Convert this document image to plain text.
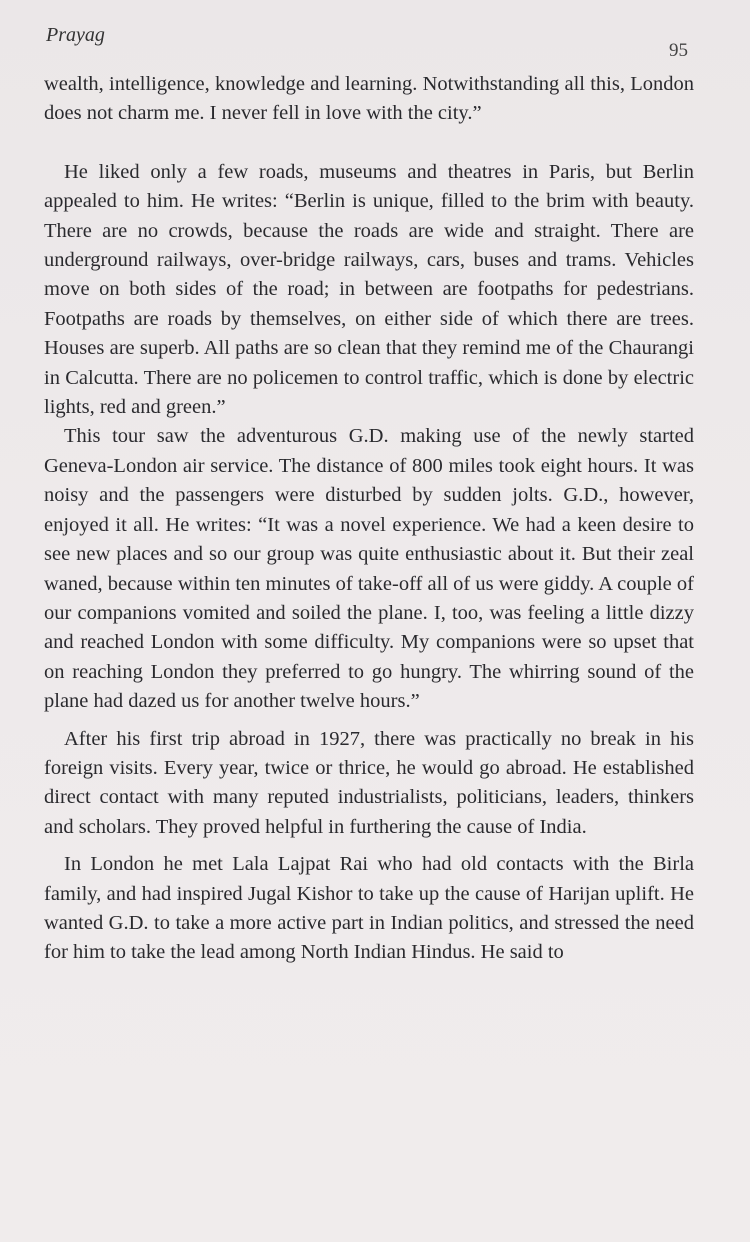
Prayag
95

wealth, intelligence, knowledge and learning. Notwithstanding all this, London does not charm me. I never fell in love with the city.”

He liked only a few roads, museums and theatres in Paris, but Berlin appealed to him. He writes: “Berlin is unique, filled to the brim with beauty. There are no crowds, because the roads are wide and straight. There are underground railways, over-bridge railways, cars, buses and trams. Vehicles move on both sides of the road; in between are footpaths for pedestrians. Footpaths are roads by themselves, on either side of which there are trees. Houses are superb. All paths are so clean that they remind me of the Chaurangi in Calcutta. There are no policemen to control traffic, which is done by electric lights, red and green.”

This tour saw the adventurous G.D. making use of the newly started Geneva-London air service. The distance of 800 miles took eight hours. It was noisy and the passengers were disturbed by sudden jolts. G.D., however, enjoyed it all. He writes: “It was a novel experience. We had a keen desire to see new places and so our group was quite enthusiastic about it. But their zeal waned, because within ten minutes of take-off all of us were giddy. A couple of our companions vomited and soiled the plane. I, too, was feeling a little dizzy and reached London with some difficulty. My companions were so upset that on reaching London they preferred to go hungry. The whirring sound of the plane had dazed us for another twelve hours.”

After his first trip abroad in 1927, there was practically no break in his foreign visits. Every year, twice or thrice, he would go abroad. He established direct contact with many reputed industrialists, politicians, leaders, thinkers and scholars. They proved helpful in furthering the cause of India.

In London he met Lala Lajpat Rai who had old contacts with the Birla family, and had inspired Jugal Kishor to take up the cause of Harijan uplift. He wanted G.D. to take a more active part in Indian politics, and stressed the need for him to take the lead among North Indian Hindus. He said to
